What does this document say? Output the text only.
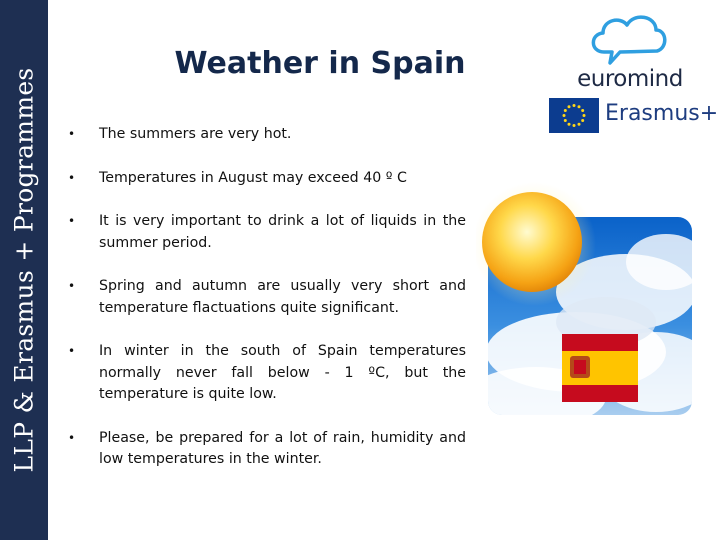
LLP & Erasmus + Programmes
Weather in Spain
• The summers are very hot.
• Temperatures in August may exceed 40 º C
• It is very important to drink a lot of liquids in the summer period.
• Spring and autumn are usually very short and temperature flactuations quite significant.
• In winter in the south of Spain temperatures normally never fall below - 1 ºC, but the temperature is quite low.
• Please, be prepared for a lot of rain, humidity and low temperatures in the winter.
euromind
Erasmus+
